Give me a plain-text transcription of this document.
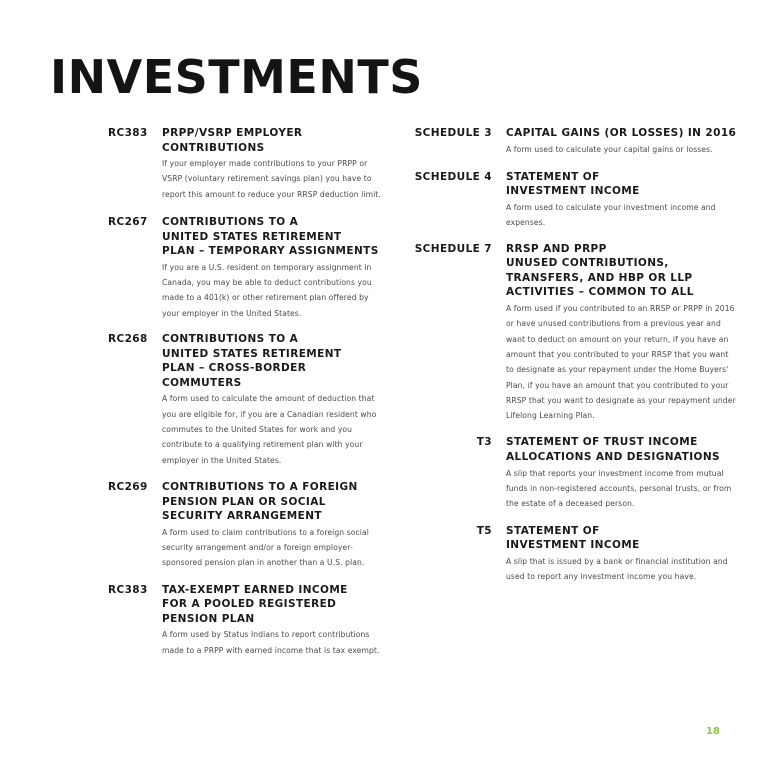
INVESTMENTS
RC383	PRPP/VSRP EMPLOYER
CONTRIBUTIONS

If your employer made contributions to your PRPP or VSRP (voluntary retirement savings plan) you have to report this amount to reduce your RRSP deduction limit.

RC267	CONTRIBUTIONS TO A
UNITED STATES RETIREMENT
PLAN – TEMPORARY ASSIGNMENTS

If you are a U.S. resident on temporary assignment in Canada, you may be able to deduct contributions you made to a 401(k) or other retirement plan offered by your employer in the United States.

RC268	CONTRIBUTIONS TO A
UNITED STATES RETIREMENT
PLAN – CROSS-BORDER
COMMUTERS

A form used to calculate the amount of deduction that you are eligible for, if you are a Canadian resident who commutes to the United States for work and you contribute to a qualifying retirement plan with your employer in the United States.

RC269	CONTRIBUTIONS TO A FOREIGN
PENSION PLAN OR SOCIAL
SECURITY ARRANGEMENT

A form used to claim contributions to a foreign social security arrangement and/or a foreign employer-sponsored pension plan in another than a U.S. plan.

RC383	TAX-EXEMPT EARNED INCOME
FOR A POOLED REGISTERED
PENSION PLAN

A form used by Status Indians to report contributions made to a PRPP with earned income that is tax exempt.

SCHEDULE 3	CAPITAL GAINS (OR LOSSES) IN 2016

A form used to calculate your capital gains or losses.

SCHEDULE 4	STATEMENT OF
INVESTMENT INCOME

A form used to calculate your investment income and expenses.

SCHEDULE 7	RRSP AND PRPP
UNUSED CONTRIBUTIONS,
TRANSFERS, AND HBP OR LLP
ACTIVITIES – COMMON TO ALL

A form used if you contributed to an RRSP or PRPP in 2016 or have unused contributions from a previous year and want to deduct on amount on your return, if you have an amount that you contributed to your RRSP that you want to designate as your repayment under the Home Buyers' Plan, if you have an amount that you contributed to your RRSP that you want to designate as your repayment under Lifelong Learning Plan.

T3	STATEMENT OF TRUST INCOME
ALLOCATIONS AND DESIGNATIONS

A slip that reports your investment income from mutual funds in non-registered accounts, personal trusts, or from the estate of a deceased person.

T5	STATEMENT OF
INVESTMENT INCOME

A slip that is issued by a bank or financial institution and used to report any investment income you have.

18
